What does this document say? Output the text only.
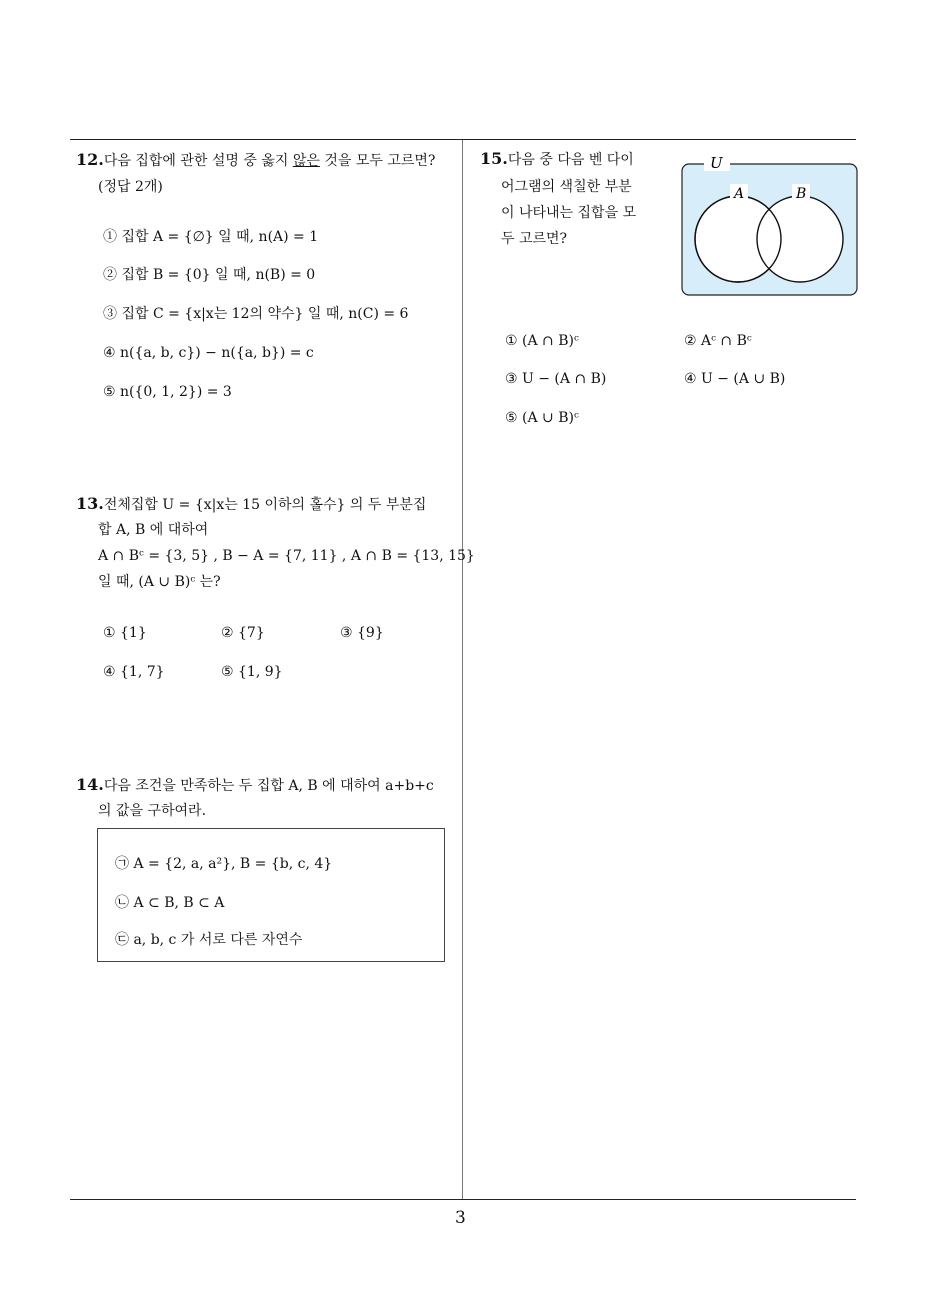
12.다음 집합에 관한 설명 중 옳지 않은 것을 모두 고르면?
(정답 2개)
① 집합 A = {∅} 일 때, n(A) = 1
② 집합 B = {0} 일 때, n(B) = 0
③ 집합 C = {x|x는 12의 약수} 일 때, n(C) = 6
④ n({a, b, c}) − n({a, b}) = c
⑤ n({0, 1, 2}) = 3
13.전체집합 U = {x|x는 15 이하의 홀수} 의 두 부분집
합 A, B 에 대하여
A ∩ Bᶜ = {3, 5} , B − A = {7, 11} , A ∩ B = {13, 15}
일 때, (A ∪ B)ᶜ 는?
① {1}	② {7}	③ {9}
④ {1, 7}	⑤ {1, 9}
14.다음 조건을 만족하는 두 집합 A, B 에 대하여 a+b+c
의 값을 구하여라.
㉠ A = {2, a, a²}, B = {b, c, 4}
㉡ A ⊂ B, B ⊂ A
㉢ a, b, c 가 서로 다른 자연수
15.다음 중 다음 벤 다이
어그램의 색칠한 부분
이 나타내는 집합을 모
두 고르면?
U
A	B
① (A ∩ B)ᶜ	② Aᶜ ∩ Bᶜ
③ U − (A ∩ B)	④ U − (A ∪ B)
⑤ (A ∪ B)ᶜ
3
